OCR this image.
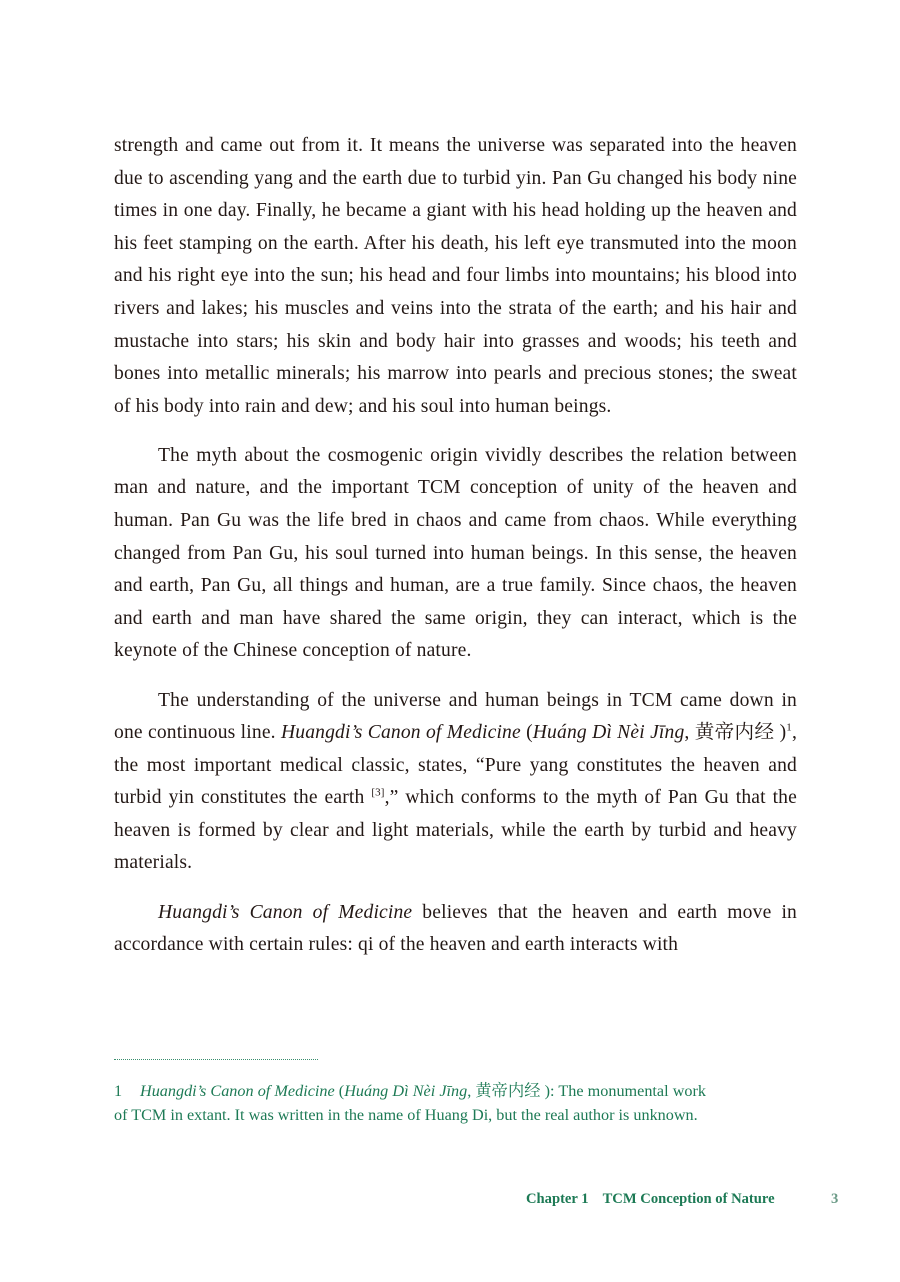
strength and came out from it. It means the universe was separated into the heaven due to ascending yang and the earth due to turbid yin. Pan Gu changed his body nine times in one day. Finally, he became a giant with his head holding up the heaven and his feet stamping on the earth. After his death, his left eye transmuted into the moon and his right eye into the sun; his head and four limbs into mountains; his blood into rivers and lakes; his muscles and veins into the strata of the earth; and his hair and mustache into stars; his skin and body hair into grasses and woods; his teeth and bones into metallic minerals; his marrow into pearls and precious stones; the sweat of his body into rain and dew; and his soul into human beings.

The myth about the cosmogenic origin vividly describes the relation between man and nature, and the important TCM conception of unity of the heaven and human. Pan Gu was the life bred in chaos and came from chaos. While everything changed from Pan Gu, his soul turned into human beings. In this sense, the heaven and earth, Pan Gu, all things and human, are a true family. Since chaos, the heaven and earth and man have shared the same origin, they can interact, which is the keynote of the Chinese conception of nature.

The understanding of the universe and human beings in TCM came down in one continuous line. Huangdi’s Canon of Medicine (Huáng Dì Nèi Jīng, 黄帝内经 )$^1$, the most important medical classic, states, “Pure yang constitutes the heaven and turbid yin constitutes the earth [3],” which conforms to the myth of Pan Gu that the heaven is formed by clear and light materials, while the earth by turbid and heavy materials.

Huangdi’s Canon of Medicine believes that the heaven and earth move in accordance with certain rules: qi of the heaven and earth interacts with

1 Huangdi’s Canon of Medicine (Huáng Dì Nèi Jīng, 黄帝内经 ): The monumental work of TCM in extant. It was written in the name of Huang Di, but the real author is unknown.
Chapter 1 TCM Conception of Nature	3
